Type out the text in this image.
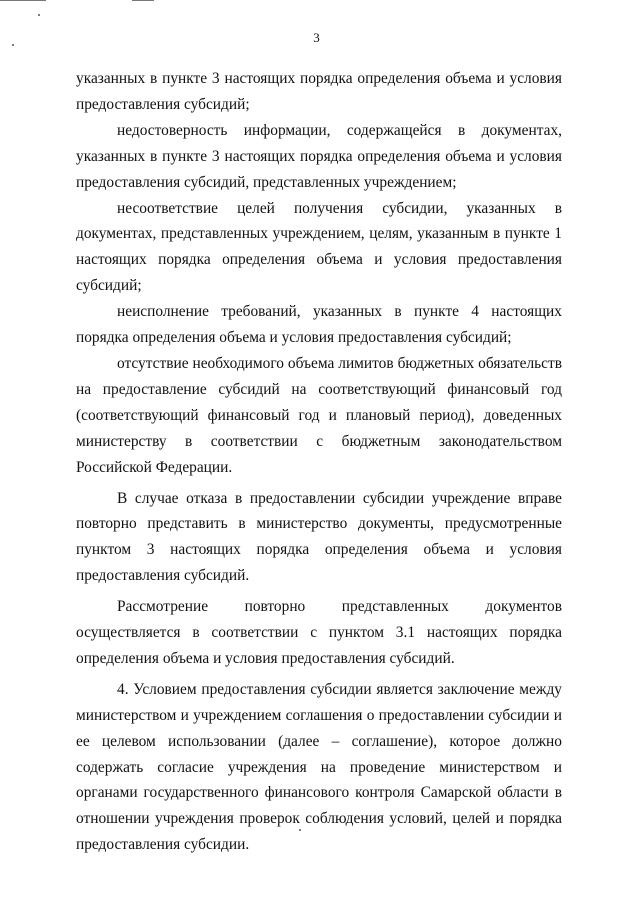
3

указанных в пункте 3 настоящих порядка определения объема и условия предоставления субсидий;

недостоверность информации, содержащейся в документах, указанных в пункте 3 настоящих порядка определения объема и условия предоставления субсидий, представленных учреждением;

несоответствие целей получения субсидии, указанных в документах, представленных учреждением, целям, указанным в пункте 1 настоящих порядка определения объема и условия предоставления субсидий;

неисполнение требований, указанных в пункте 4 настоящих порядка определения объема и условия предоставления субсидий;

отсутствие необходимого объема лимитов бюджетных обязательств на предоставление субсидий на соответствующий финансовый год (соответствующий финансовый год и плановый период), доведенных министерству в соответствии с бюджетным законодательством Российской Федерации.

В случае отказа в предоставлении субсидии учреждение вправе повторно представить в министерство документы, предусмотренные пунктом 3 настоящих порядка определения объема и условия предоставления субсидий.

Рассмотрение повторно представленных документов осуществляется в соответствии с пунктом 3.1 настоящих порядка определения объема и условия предоставления субсидий.

4. Условием предоставления субсидии является заключение между министерством и учреждением соглашения о предоставлении субсидии и ее целевом использовании (далее – соглашение), которое должно содержать согласие учреждения на проведение министерством и органами государственного финансового контроля Самарской области в отношении учреждения проверок соблюдения условий, целей и порядка предоставления субсидии.
